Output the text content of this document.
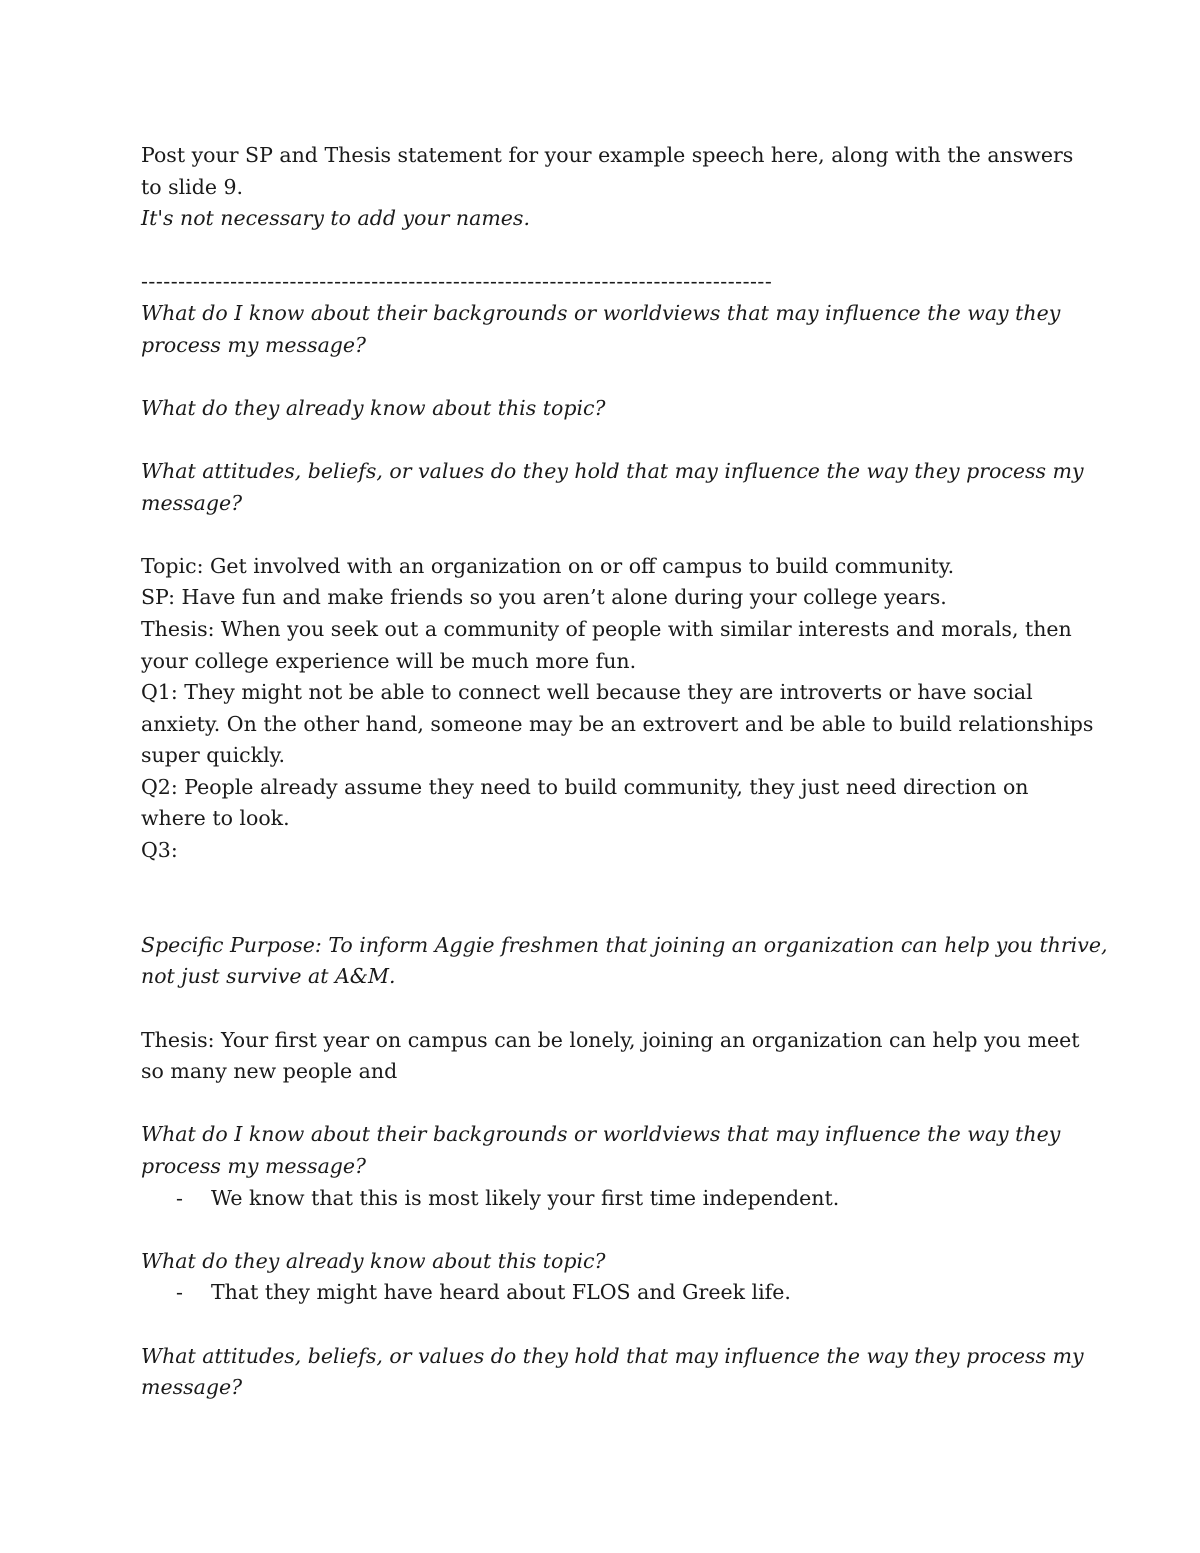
Post your SP and Thesis statement for your example speech here, along with the answers
to slide 9.
It's not necessary to add your names.
-------------------------------------------------------------------------------------
What do I know about their backgrounds or worldviews that may influence the way they
process my message?
What do they already know about this topic?
What attitudes, beliefs, or values do they hold that may influence the way they process my
message?
Topic: Get involved with an organization on or off campus to build community.
SP: Have fun and make friends so you aren’t alone during your college years.
Thesis: When you seek out a community of people with similar interests and morals, then
your college experience will be much more fun.
Q1: They might not be able to connect well because they are introverts or have social
anxiety. On the other hand, someone may be an extrovert and be able to build relationships
super quickly.
Q2: People already assume they need to build community, they just need direction on
where to look.
Q3:
Specific Purpose: To inform Aggie freshmen that joining an organization can help you thrive,
not just survive at A&M.
Thesis: Your first year on campus can be lonely, joining an organization can help you meet
so many new people and
What do I know about their backgrounds or worldviews that may influence the way they
process my message?
- We know that this is most likely your first time independent.
What do they already know about this topic?
- That they might have heard about FLOS and Greek life.
What attitudes, beliefs, or values do they hold that may influence the way they process my
message?
